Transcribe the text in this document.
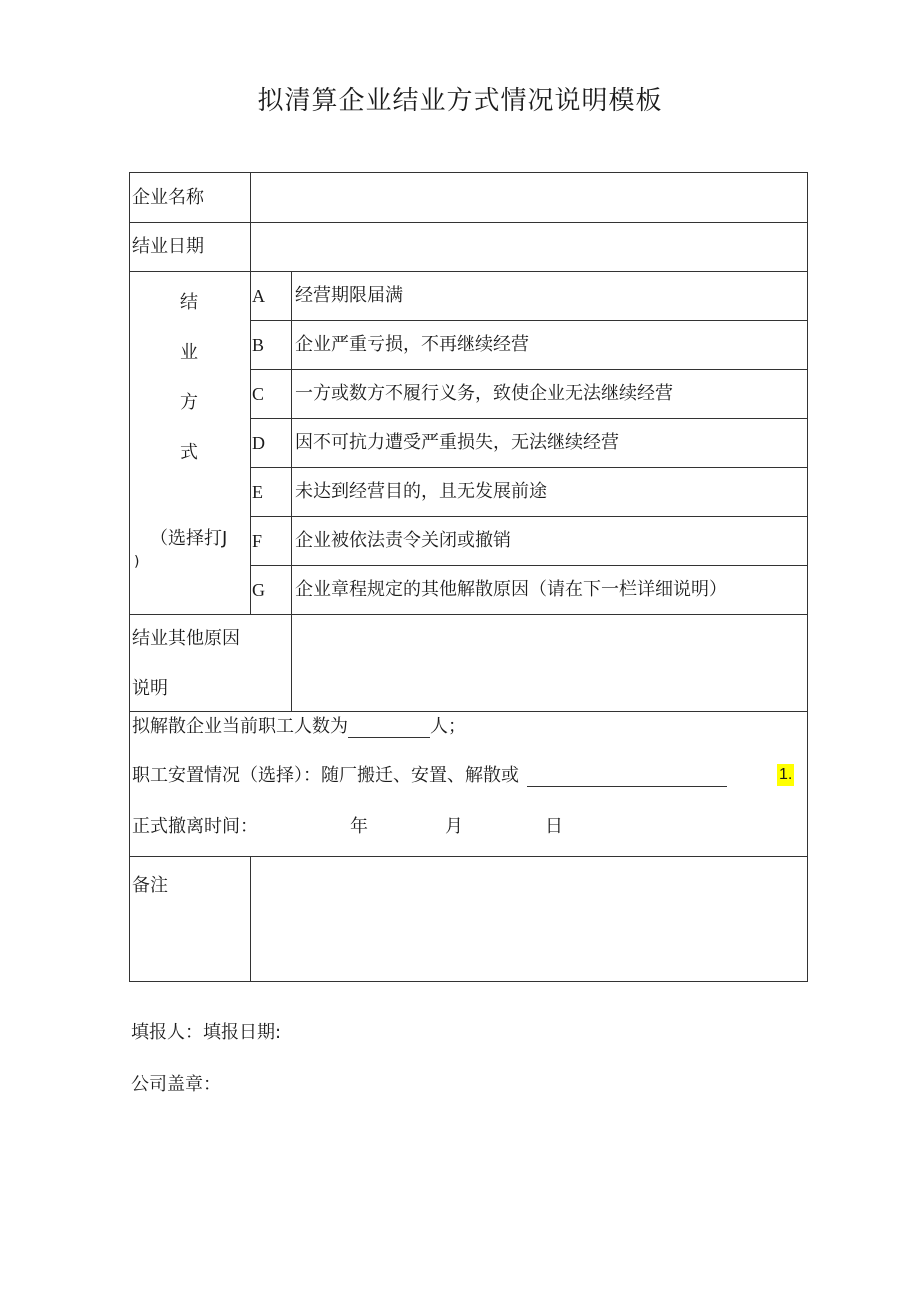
拟清算企业结业方式情况说明模板
企业名称
结业日期
结
业
方
式
（选择打J
)
A 经营期限届满
B 企业严重亏损，不再继续经营
C 一方或数方不履行义务，致使企业无法继续经营
D 因不可抗力遭受严重损失，无法继续经营
E 未达到经营目的，且无发展前途
F 企业被依法责令关闭或撤销
G 企业章程规定的其他解散原因（请在下一栏详细说明）
结业其他原因
说明
拟解散企业当前职工人数为	人；
职工安置情况（选择）：随厂搬迁、安置、解散或	1.
正式撤离时间：	年	月	日
备注
填报人：填报日期:
公司盖章：
